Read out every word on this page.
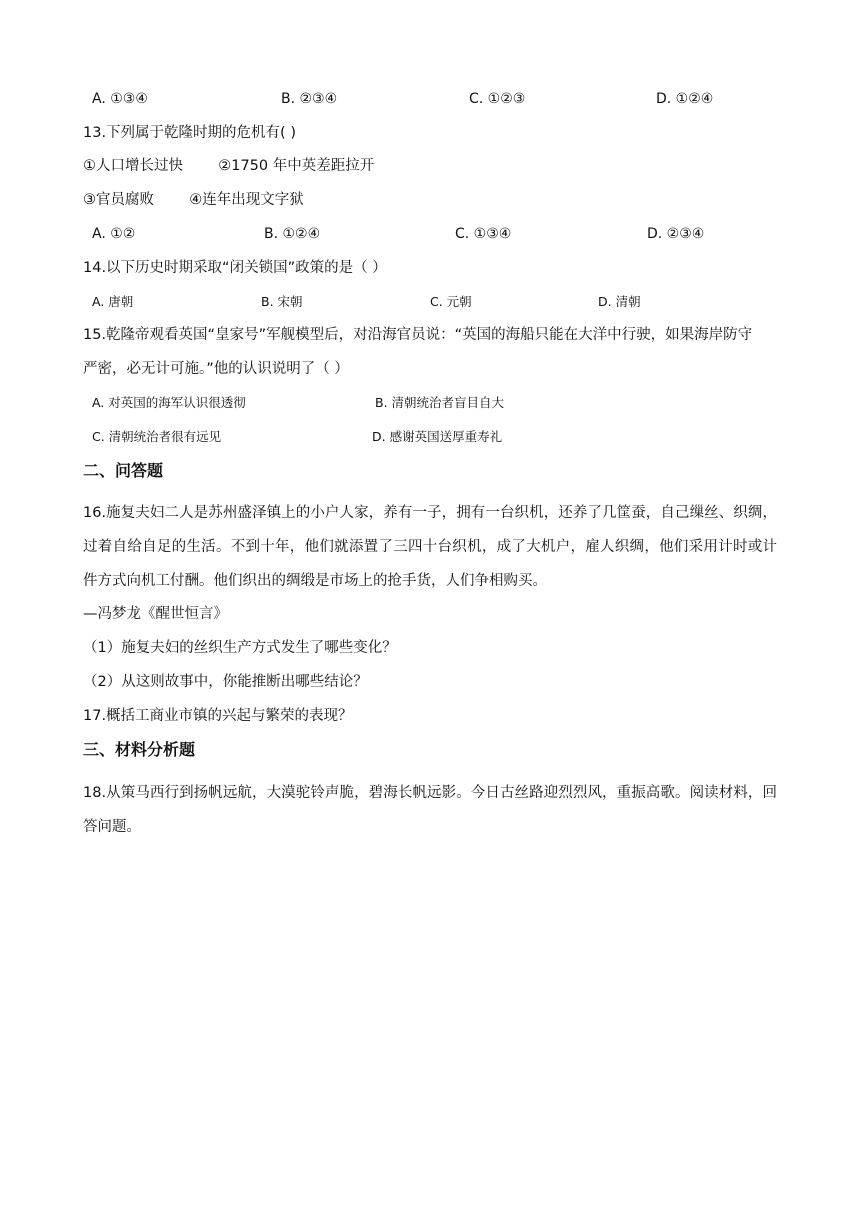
A. ①③④	B. ②③④	C. ①②③	D. ①②④
13.下列属于乾隆时期的危机有( )
①人口增长过快 ②1750 年中英差距拉开
③官员腐败 ④连年出现文字狱
A. ①②	B. ①②④	C. ①③④	D. ②③④
14.以下历史时期采取“闭关锁国”政策的是（ ）
A. 唐朝	B. 宋朝	C. 元朝	D. 清朝
15.乾隆帝观看英国“皇家号”军舰模型后，对沿海官员说：“英国的海船只能在大洋中行驶，如果海岸防守
严密，必无计可施。”他的认识说明了（ ）
A. 对英国的海军认识很透彻	B. 清朝统治者盲目自大
C. 清朝统治者很有远见	D. 感谢英国送厚重寿礼
二、问答题
16.施复夫妇二人是苏州盛泽镇上的小户人家，养有一子，拥有一台织机，还养了几筐蚕，自己缫丝、织绸，过着自给自足的生活。不到十年，他们就添置了三四十台织机，成了大机户，雇人织绸，他们采用计时或计件方式向机工付酬。他们织出的绸缎是市场上的抢手货，人们争相购买。
—冯梦龙《醒世恒言》
（1）施复夫妇的丝织生产方式发生了哪些变化？
（2）从这则故事中，你能推断出哪些结论？
17.概括工商业市镇的兴起与繁荣的表现？
三、材料分析题
18.从策马西行到扬帆远航，大漠驼铃声脆，碧海长帆远影。今日古丝路迎烈烈风，重振高歌。阅读材料，回答问题。
